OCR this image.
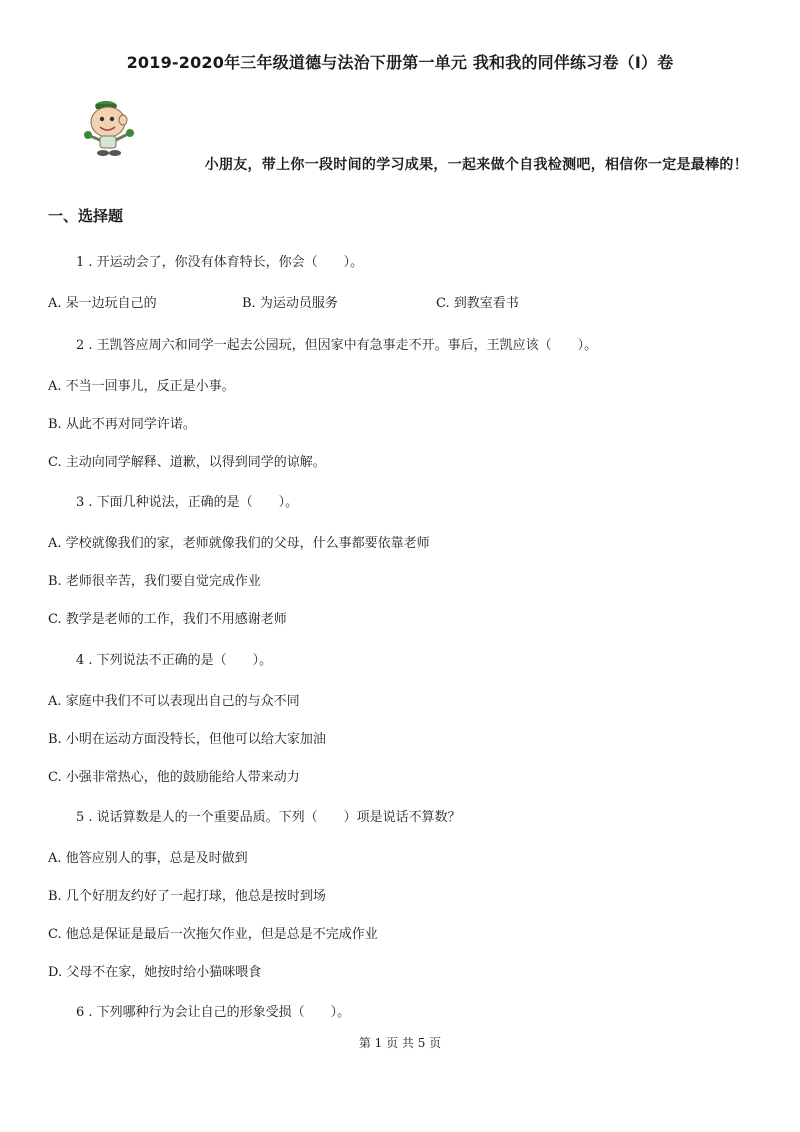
2019-2020年三年级道德与法治下册第一单元 我和我的同伴练习卷（I）卷
小朋友，带上你一段时间的学习成果，一起来做个自我检测吧，相信你一定是最棒的！
一、选择题
1 . 开运动会了，你没有体育特长，你会（　　）。
A. 呆一边玩自己的	B. 为运动员服务	C. 到教室看书
2 . 王凯答应周六和同学一起去公园玩，但因家中有急事走不开。事后，王凯应该（　　）。
A. 不当一回事儿，反正是小事。
B. 从此不再对同学许诺。
C. 主动向同学解释、道歉，以得到同学的谅解。
3 . 下面几种说法，正确的是（　　）。
A. 学校就像我们的家，老师就像我们的父母，什么事都要依靠老师
B. 老师很辛苦，我们要自觉完成作业
C. 教学是老师的工作，我们不用感谢老师
4 . 下列说法不正确的是（　　）。
A. 家庭中我们不可以表现出自己的与众不同
B. 小明在运动方面没特长，但他可以给大家加油
C. 小强非常热心，他的鼓励能给人带来动力
5 . 说话算数是人的一个重要品质。下列（　　）项是说话不算数？
A. 他答应别人的事，总是及时做到
B. 几个好朋友约好了一起打球，他总是按时到场
C. 他总是保证是最后一次拖欠作业，但是总是不完成作业
D. 父母不在家，她按时给小猫咪喂食
6 . 下列哪种行为会让自己的形象受损（　　）。
第 1 页 共 5 页
